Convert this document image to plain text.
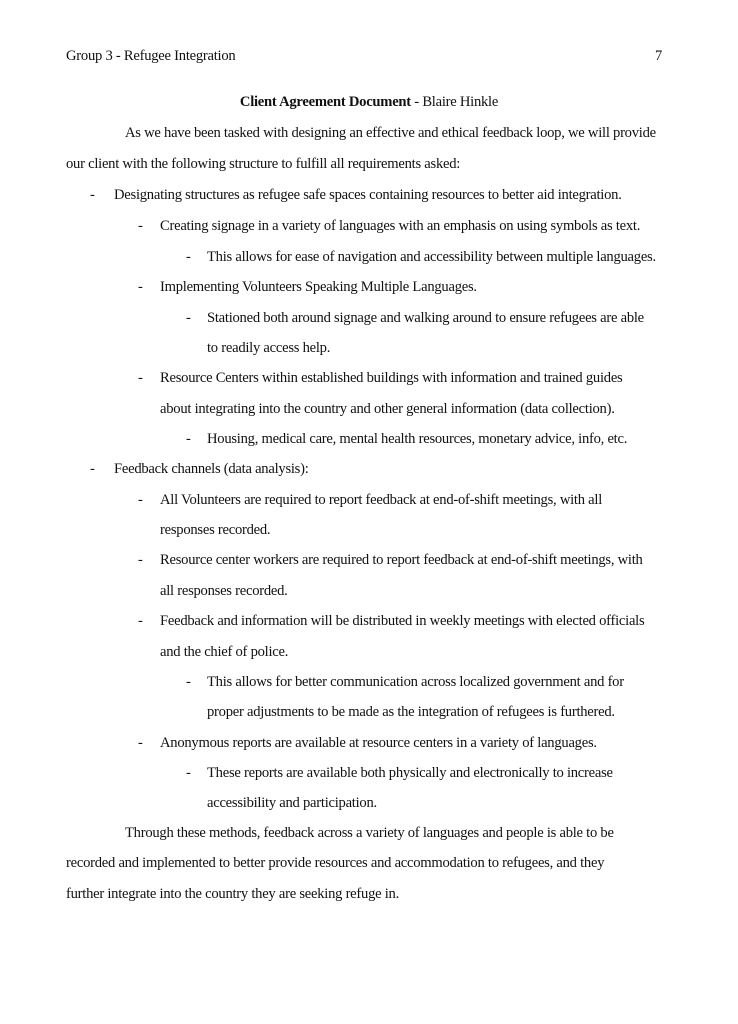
Group 3 - Refugee Integration	7
Client Agreement Document - Blaire Hinkle
As we have been tasked with designing an effective and ethical feedback loop, we will provide
our client with the following structure to fulfill all requirements asked:
- Designating structures as refugee safe spaces containing resources to better aid integration.
- Creating signage in a variety of languages with an emphasis on using symbols as text.
- This allows for ease of navigation and accessibility between multiple languages.
- Implementing Volunteers Speaking Multiple Languages.
- Stationed both around signage and walking around to ensure refugees are able
to readily access help.
- Resource Centers within established buildings with information and trained guides
about integrating into the country and other general information (data collection).
- Housing, medical care, mental health resources, monetary advice, info, etc.
- Feedback channels (data analysis):
- All Volunteers are required to report feedback at end-of-shift meetings, with all
responses recorded.
- Resource center workers are required to report feedback at end-of-shift meetings, with
all responses recorded.
- Feedback and information will be distributed in weekly meetings with elected officials
and the chief of police.
- This allows for better communication across localized government and for
proper adjustments to be made as the integration of refugees is furthered.
- Anonymous reports are available at resource centers in a variety of languages.
- These reports are available both physically and electronically to increase
accessibility and participation.
Through these methods, feedback across a variety of languages and people is able to be
recorded and implemented to better provide resources and accommodation to refugees, and they
further integrate into the country they are seeking refuge in.
